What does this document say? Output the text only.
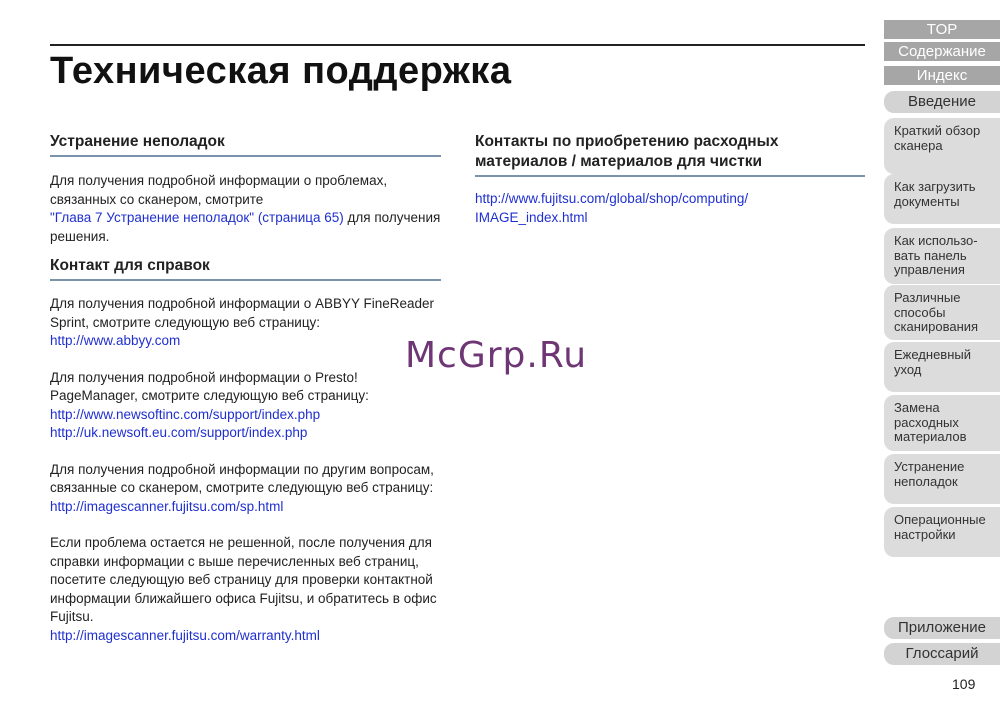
Техническая поддержка
Устранение неполадок

Для получения подробной информации о проблемах, связанных со сканером, смотрите
"Глава 7 Устранение неполадок" (страница 65) для получения решения.

Контакт для справок

Для получения подробной информации о ABBYY FineReader Sprint, смотрите следующую веб страницу:

http://www.abbyy.com

Для получения подробной информации о Presto! PageManager, смотрите следующую веб страницу:

http://www.newsoftinc.com/support/index.php
http://uk.newsoft.eu.com/support/index.php

Для получения подробной информации по другим вопросам, связанные со сканером, смотрите следующую веб страницу:

http://imagescanner.fujitsu.com/sp.html

Если проблема остается не решенной, после получения для справки информации с выше перечисленных веб страниц, посетите следующую веб страницу для проверки контактной информации ближайшего офиса Fujitsu, и обратитесь в офис Fujitsu.

http://imagescanner.fujitsu.com/warranty.html
Контакты по приобретению расходных материалов / материалов для чистки
http://www.fujitsu.com/global/shop/computing/
IMAGE_index.html
McGrp.Ru
TOP
Содержание
Индекс
Введение
Краткий обзор сканера
Как загрузить документы
Как использо-вать панель управления
Различные способы сканирования
Ежедневный уход
Замена расходных материалов
Устранение неполадок
Операционные настройки
Приложение
Глоссарий
109
